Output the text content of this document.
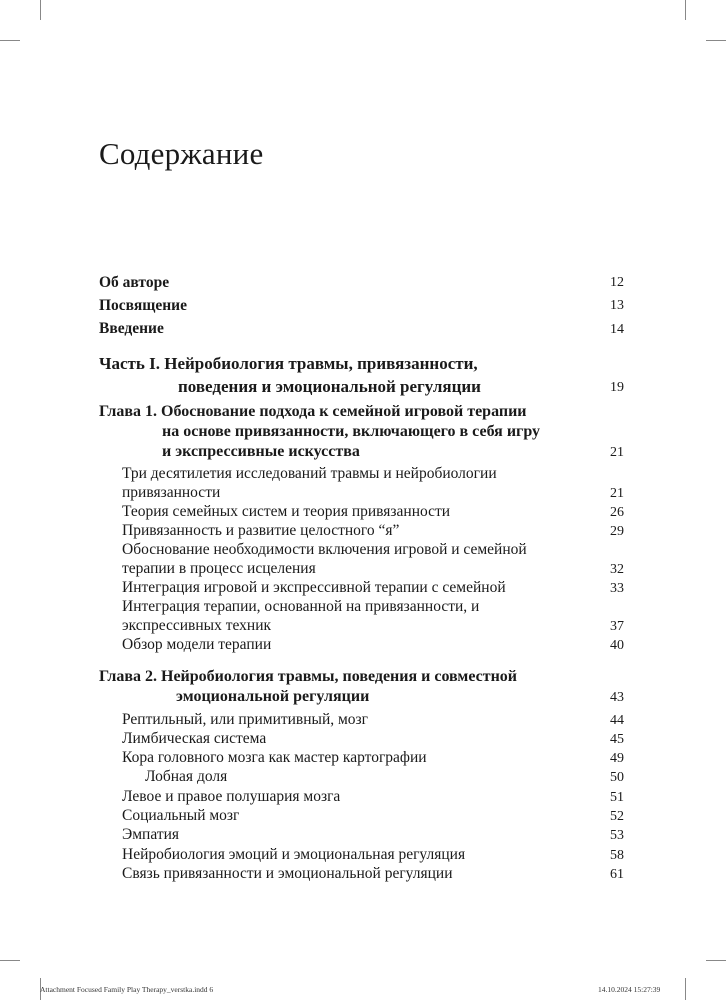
Содержание
Об авторе	12
Посвящение	13
Введение	14
Часть I. Нейробиология травмы, привязанности,
поведения и эмоциональной регуляции	19
Глава 1. Обоснование подхода к семейной игровой терапии
на основе привязанности, включающего в себя игру
и экспрессивные искусства	21
Три десятилетия исследований травмы и нейробиологии
привязанности	21
Теория семейных систем и теория привязанности	26
Привязанность и развитие целостного “я”	29
Обоснование необходимости включения игровой и семейной
терапии в процесс исцеления	32
Интеграция игровой и экспрессивной терапии с семейной	33
Интеграция терапии, основанной на привязанности, и
экспрессивных техник	37
Обзор модели терапии	40
Глава 2. Нейробиология травмы, поведения и совместной
эмоциональной регуляции	43
Рептильный, или примитивный, мозг	44
Лимбическая система	45
Кора головного мозга как мастер картографии	49
Лобная доля	50
Левое и правое полушария мозга	51
Социальный мозг	52
Эмпатия	53
Нейробиология эмоций и эмоциональная регуляция	58
Связь привязанности и эмоциональной регуляции	61
Attachment Focused Family Play Therapy_verstka.indd 6	14.10.2024 15:27:39
